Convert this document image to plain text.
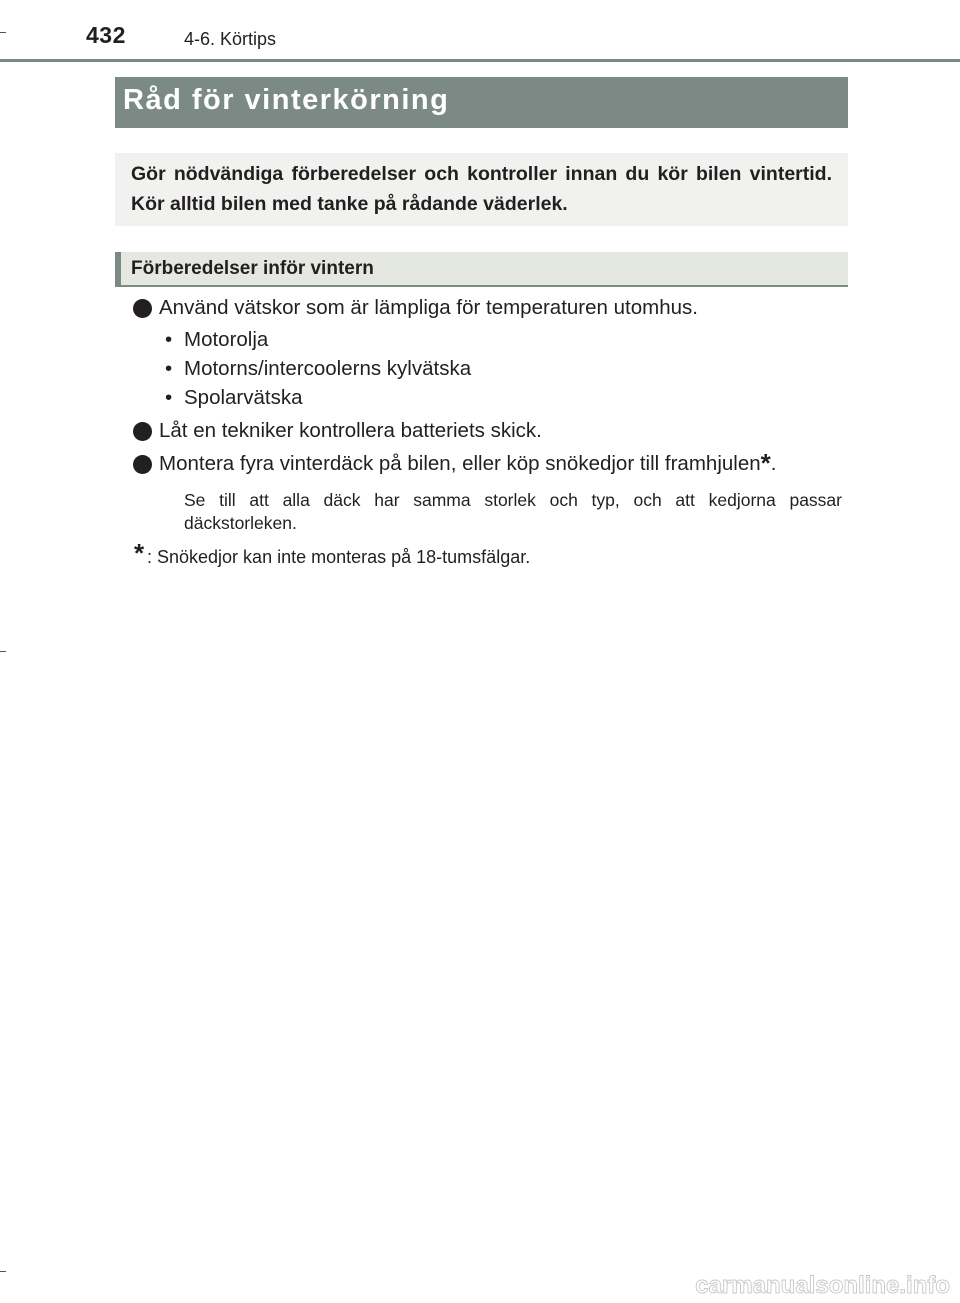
432	4-6. Körtips
Råd för vinterkörning
Gör nödvändiga förberedelser och kontroller innan du kör bilen vintertid. Kör alltid bilen med tanke på rådande väderlek.
Förberedelser inför vintern
Använd vätskor som är lämpliga för temperaturen utomhus.
• Motorolja
• Motorns/intercoolerns kylvätska
• Spolarvätska
Låt en tekniker kontrollera batteriets skick.
Montera fyra vinterdäck på bilen, eller köp snökedjor till framhjulen*.
Se till att alla däck har samma storlek och typ, och att kedjorna passar däckstorleken.
* : Snökedjor kan inte monteras på 18-tumsfälgar.
carmanualsonline.info
